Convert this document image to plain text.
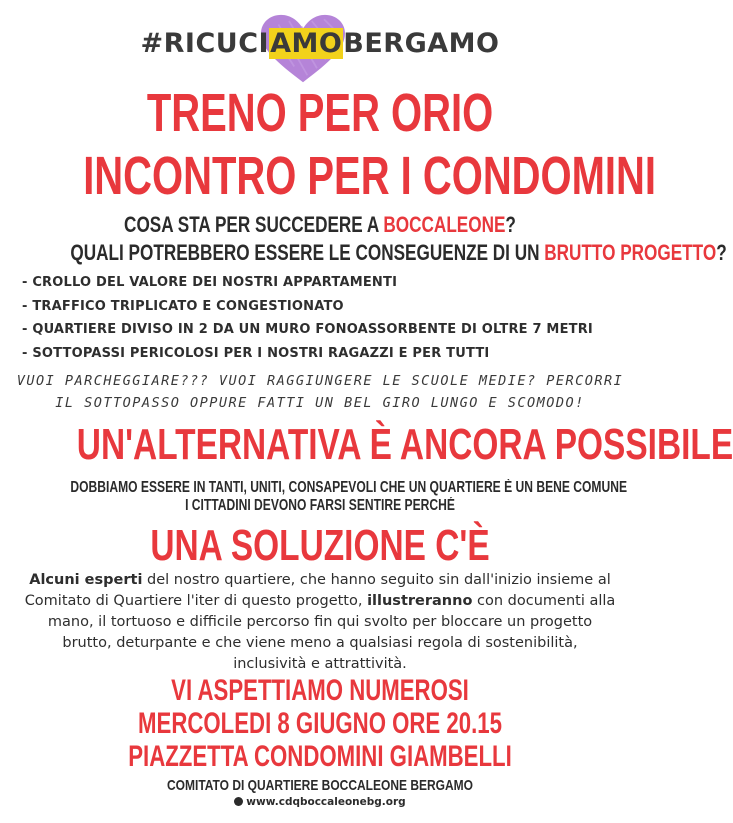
#RICUCIAMOBERGAMO
TRENO PER ORIO
INCONTRO PER I CONDOMINI
COSA STA PER SUCCEDERE A BOCCALEONE?
QUALI POTREBBERO ESSERE LE CONSEGUENZE DI UN BRUTTO PROGETTO?
- CROLLO DEL VALORE DEI NOSTRI APPARTAMENTI
- TRAFFICO TRIPLICATO E CONGESTIONATO
- QUARTIERE DIVISO IN 2 DA UN MURO FONOASSORBENTE DI OLTRE 7 METRI
- SOTTOPASSI PERICOLOSI PER I NOSTRI RAGAZZI E PER TUTTI
VUOI PARCHEGGIARE??? VUOI RAGGIUNGERE LE SCUOLE MEDIE? PERCORRI
IL SOTTOPASSO OPPURE FATTI UN BEL GIRO LUNGO E SCOMODO!
UN'ALTERNATIVA È ANCORA POSSIBILE
DOBBIAMO ESSERE IN TANTI, UNITI, CONSAPEVOLI CHE UN QUARTIERE È UN BENE COMUNE
I CITTADINI DEVONO FARSI SENTIRE PERCHÉ
UNA SOLUZIONE C'È
Alcuni esperti del nostro quartiere, che hanno seguito sin dall'inizio insieme al
Comitato di Quartiere l'iter di questo progetto, illustreranno con documenti alla
mano, il tortuoso e difficile percorso fin qui svolto per bloccare un progetto
brutto, deturpante e che viene meno a qualsiasi regola di sostenibilità,
inclusività e attrattività.
VI ASPETTIAMO NUMEROSI
MERCOLEDI 8 GIUGNO ORE 20.15
PIAZZETTA CONDOMINI GIAMBELLI
COMITATO DI QUARTIERE BOCCALEONE BERGAMO
www.cdqboccaleonebg.org
